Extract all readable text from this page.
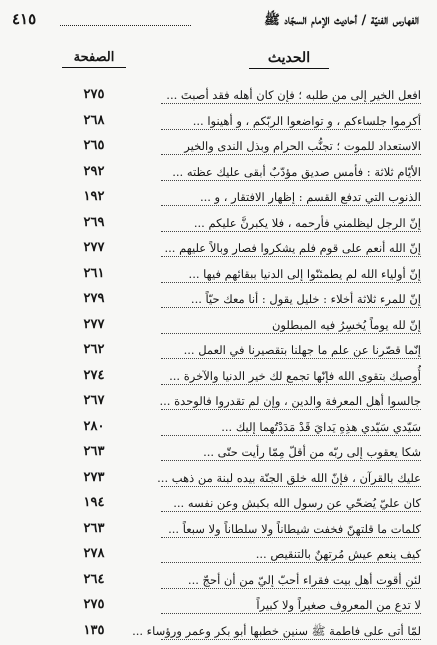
الفهارس الفنيّة / أحاديث الإمام السجّاد ﷺ
٤١٥
الحديث
الصفحة
افعل الخير إلى من طلبه ؛ فإن كان أهله فقد أصبتَ ...
٢٧٥
أكرموا جلساءكم ، و تواضعوا الربّكم ، و أهينوا ...
٢٦٨
الاستعداد للموت ؛ تجنُّب الحرام وبذل الندى والخير
٢٦٥
الأيّام ثلاثة : فأمس صديق مؤدّبٌ أبقى عليك عظته ...
٢٩٢
الذنوب التي تدفع القسم : إظهار الافتقار ، و ...
١٩٢
إنّ الرجل ليظلمني فأرحمه ، فلا يكبرنَّ عليكم ...
٢٦٩
إنّ الله أنعم على قوم فلم يشكروا فصار وبالاً عليهم ...
٢٧٧
إنّ أولياء الله لم يطمئنّوا إلى الدنيا ببقائهم فيها ...
٢٦١
إنّ للمرء ثلاثة أخلاء : خليل يقول : أنا معك حيّاً ...
٢٧٩
إنّ لله يوماً يُخسِرُ فيه المبطلون
٢٧٧
إنّما قصّرنا عن علم ما جهلنا بتقصيرنا في العمل ...
٢٦٢
أُوصيك بتقوى الله فإنّها تجمع لك خير الدنيا والآخرة ...
٢٧٤
جالسوا أهل المعرفة والدين ، وإن لم تقدروا فالوحدة ...
٢٦٧
سَيّدي سَيّدي هذِهِ يَدايَ قَدْ مَدَدْتُهما إليك ...
٢٨٠
شكا يعقوب إلى ربّه من أقلّ مِمّا رأيت حتّى ...
٢٦٣
عليك بالقرآن ، فإنّ الله خلق الجنّة بيده لبنة من ذهب ...
٢٧٣
كان عليّ يُضحّي عن رسول الله بكبش وعن نفسه ...
١٩٤
كلمات ما قلتهنّ فخفت شيطاناً ولا سلطاناً ولا سبعاً ...
٢٦٣
كيف ينعم عيش مُرتهنٌ بالتنقيص ...
٢٧٨
لئن أقوت أهل بيت فقراء أحبّ إليّ من أن أحجّ ...
٢٦٤
لا تدع من المعروف صغيراً ولا كبيراً
٢٧٥
لمّا أتى على فاطمة ﷺ سنين خطبها أبو بكر وعمر ورؤساء ...
١٣٥
